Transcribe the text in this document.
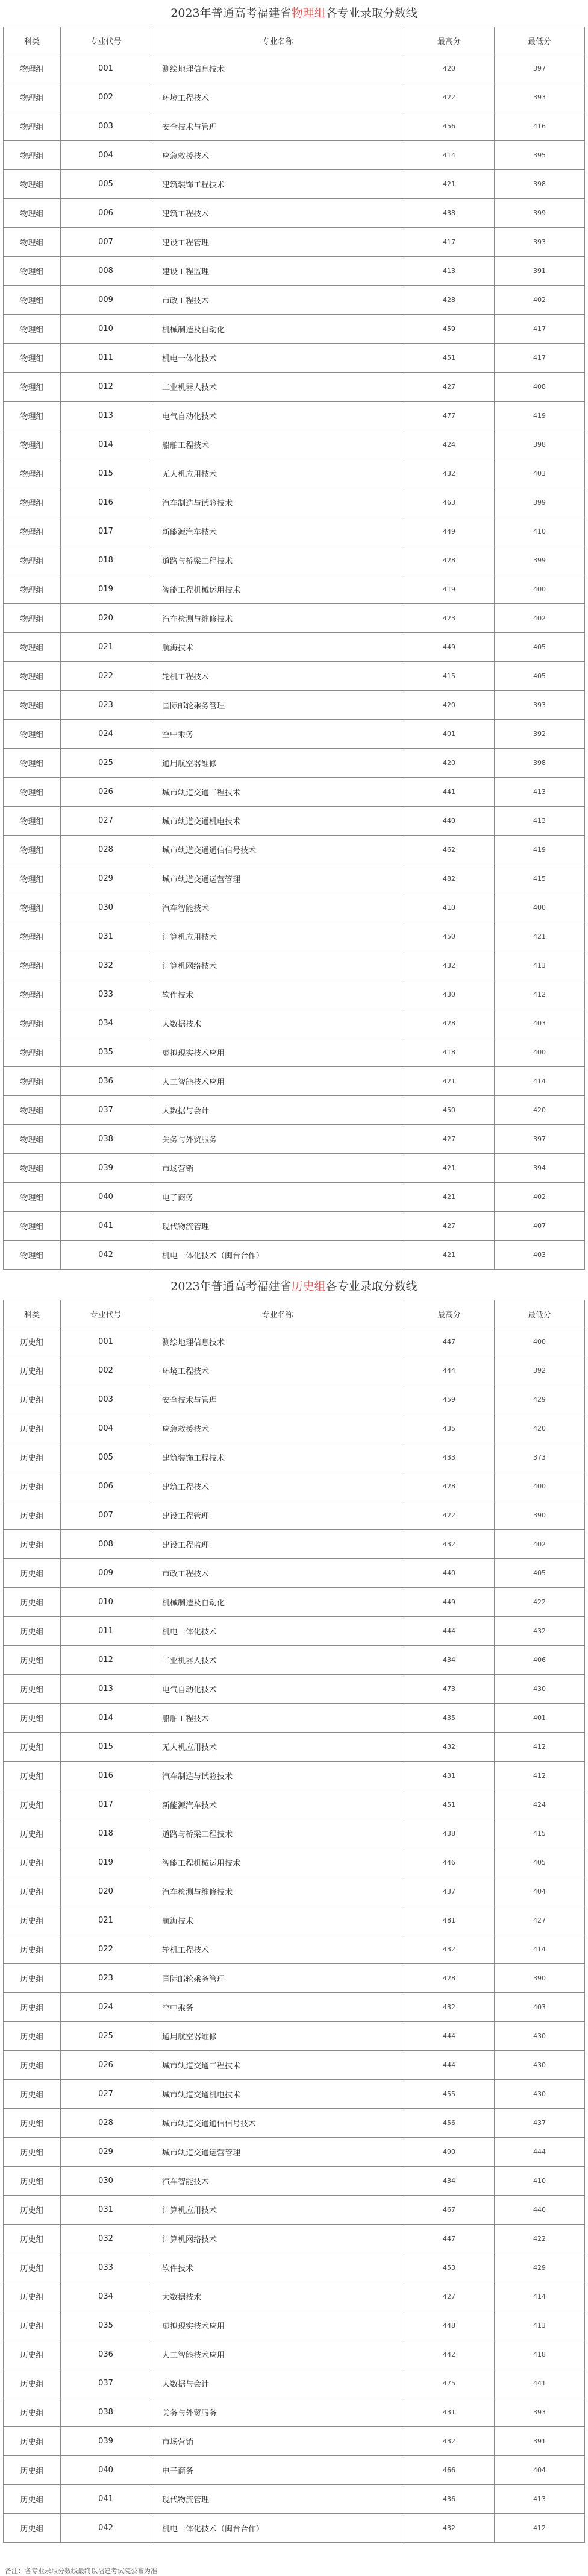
2023年普通高考福建省物理组各专业录取分数线
科类	专业代号	专业名称	最高分	最低分
物理组	001	测绘地理信息技术	420	397
物理组	002	环境工程技术	422	393
物理组	003	安全技术与管理	456	416
物理组	004	应急救援技术	414	395
物理组	005	建筑装饰工程技术	421	398
物理组	006	建筑工程技术	438	399
物理组	007	建设工程管理	417	393
物理组	008	建设工程监理	413	391
物理组	009	市政工程技术	428	402
物理组	010	机械制造及自动化	459	417
物理组	011	机电一体化技术	451	417
物理组	012	工业机器人技术	427	408
物理组	013	电气自动化技术	477	419
物理组	014	船舶工程技术	424	398
物理组	015	无人机应用技术	432	403
物理组	016	汽车制造与试验技术	463	399
物理组	017	新能源汽车技术	449	410
物理组	018	道路与桥梁工程技术	428	399
物理组	019	智能工程机械运用技术	419	400
物理组	020	汽车检测与维修技术	423	402
物理组	021	航海技术	449	405
物理组	022	轮机工程技术	415	405
物理组	023	国际邮轮乘务管理	420	393
物理组	024	空中乘务	401	392
物理组	025	通用航空器维修	420	398
物理组	026	城市轨道交通工程技术	441	413
物理组	027	城市轨道交通机电技术	440	413
物理组	028	城市轨道交通通信信号技术	462	419
物理组	029	城市轨道交通运营管理	482	415
物理组	030	汽车智能技术	410	400
物理组	031	计算机应用技术	450	421
物理组	032	计算机网络技术	432	413
物理组	033	软件技术	430	412
物理组	034	大数据技术	428	403
物理组	035	虚拟现实技术应用	418	400
物理组	036	人工智能技术应用	421	414
物理组	037	大数据与会计	450	420
物理组	038	关务与外贸服务	427	397
物理组	039	市场营销	421	394
物理组	040	电子商务	421	402
物理组	041	现代物流管理	427	407
物理组	042	机电一体化技术（闽台合作）	421	403
2023年普通高考福建省历史组各专业录取分数线
科类	专业代号	专业名称	最高分	最低分
历史组	001	测绘地理信息技术	447	400
历史组	002	环境工程技术	444	392
历史组	003	安全技术与管理	459	429
历史组	004	应急救援技术	435	420
历史组	005	建筑装饰工程技术	433	373
历史组	006	建筑工程技术	428	400
历史组	007	建设工程管理	422	390
历史组	008	建设工程监理	432	402
历史组	009	市政工程技术	440	405
历史组	010	机械制造及自动化	449	422
历史组	011	机电一体化技术	444	432
历史组	012	工业机器人技术	434	406
历史组	013	电气自动化技术	473	430
历史组	014	船舶工程技术	435	401
历史组	015	无人机应用技术	432	412
历史组	016	汽车制造与试验技术	431	412
历史组	017	新能源汽车技术	451	424
历史组	018	道路与桥梁工程技术	438	415
历史组	019	智能工程机械运用技术	446	405
历史组	020	汽车检测与维修技术	437	404
历史组	021	航海技术	481	427
历史组	022	轮机工程技术	432	414
历史组	023	国际邮轮乘务管理	428	390
历史组	024	空中乘务	432	403
历史组	025	通用航空器维修	444	430
历史组	026	城市轨道交通工程技术	444	430
历史组	027	城市轨道交通机电技术	455	430
历史组	028	城市轨道交通通信信号技术	456	437
历史组	029	城市轨道交通运营管理	490	444
历史组	030	汽车智能技术	434	410
历史组	031	计算机应用技术	467	440
历史组	032	计算机网络技术	447	422
历史组	033	软件技术	453	429
历史组	034	大数据技术	427	414
历史组	035	虚拟现实技术应用	448	413
历史组	036	人工智能技术应用	442	418
历史组	037	大数据与会计	475	441
历史组	038	关务与外贸服务	431	393
历史组	039	市场营销	432	391
历史组	040	电子商务	466	404
历史组	041	现代物流管理	436	413
历史组	042	机电一体化技术（闽台合作）	432	412
备注：各专业录取分数线最终以福建考试院公布为准
